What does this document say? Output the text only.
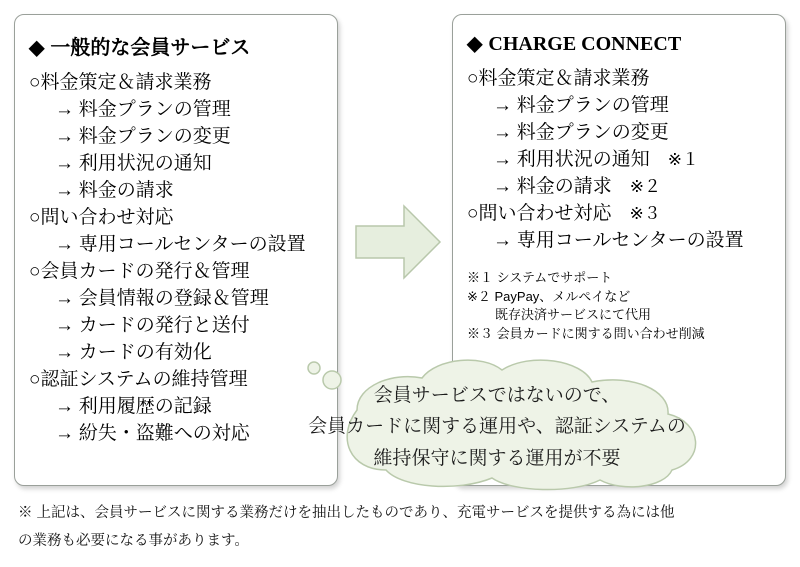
◆ 一般的な会員サービス
○料金策定＆請求業務
→ 料金プランの管理
→ 料金プランの変更
→ 利用状況の通知
→ 料金の請求
○問い合わせ対応
→ 専用コールセンターの設置
○会員カードの発行＆管理
→ 会員情報の登録＆管理
→ カードの発行と送付
→ カードの有効化
○認証システムの維持管理
→ 利用履歴の記録
→ 紛失・盗難への対応
◆ CHARGE CONNECT
○料金策定＆請求業務
→ 料金プランの管理
→ 料金プランの変更
→ 利用状況の通知 ※１
→ 料金の請求 ※２
○問い合わせ対応 ※３
→ 専用コールセンターの設置
※１ システムでサポート
※２ PayPay、メルペイなど
既存決済サービスにて代用
※３ 会員カードに関する問い合わせ削減
会員サービスではないので、
会員カードに関する運用や、認証システムの
維持保守に関する運用が不要
※ 上記は、会員サービスに関する業務だけを抽出したものであり、充電サービスを提供する為には他
の業務も必要になる事があります。
